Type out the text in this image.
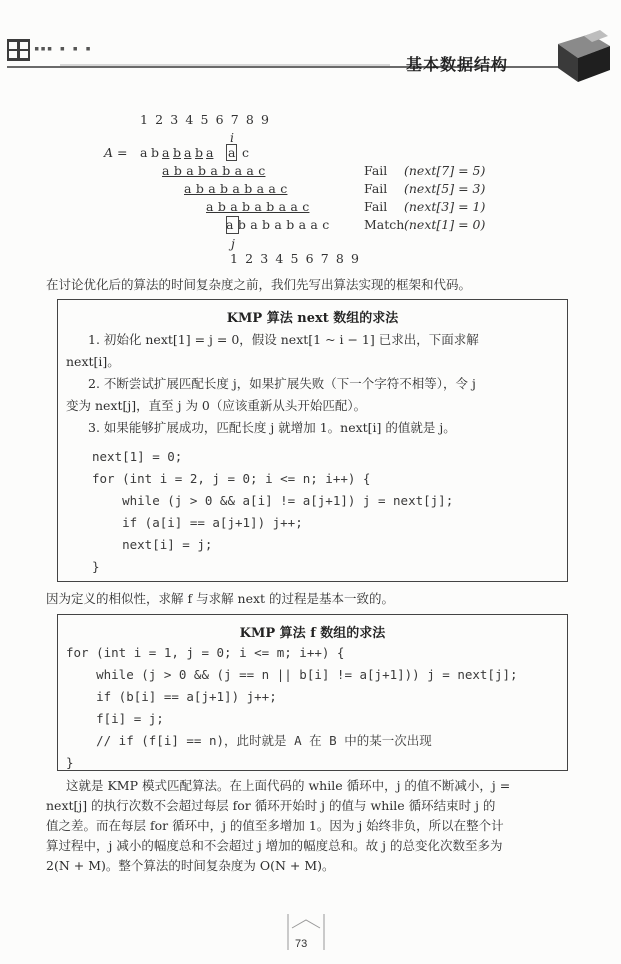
▪▪▪ ▪ ▪ ▪
基本数据结构
1 2 3 4 5 6 7 8 9
i
A = a b a b a b a a c
a b a b a b a a c	Fail (next[7] = 5)
a b a b a b a a c	Fail (next[5] = 3)
a b a b a b a a c	Fail (next[3] = 1)
a b a b a b a a c	Match (next[1] = 0)
j
1 2 3 4 5 6 7 8 9
在讨论优化后的算法的时间复杂度之前，我们先写出算法实现的框架和代码。
KMP 算法 next 数组的求法
1. 初始化 next[1] = j = 0，假设 next[1 ~ i − 1] 已求出，下面求解
next[i]。
2. 不断尝试扩展匹配长度 j，如果扩展失败（下一个字符不相等），令 j
变为 next[j]，直至 j 为 0（应该重新从头开始匹配）。
3. 如果能够扩展成功，匹配长度 j 就增加 1。next[i] 的值就是 j。
next[1] = 0;
for (int i = 2, j = 0; i <= n; i++) {
while (j > 0 && a[i] != a[j+1]) j = next[j];
if (a[i] == a[j+1]) j++;
next[i] = j;
}
因为定义的相似性，求解 f 与求解 next 的过程是基本一致的。
KMP 算法 f 数组的求法
for (int i = 1, j = 0; i <= m; i++) {
while (j > 0 && (j == n || b[i] != a[j+1])) j = next[j];
if (b[i] == a[j+1]) j++;
f[i] = j;
// if (f[i] == n)，此时就是 A 在 B 中的某一次出现
}
这就是 KMP 模式匹配算法。在上面代码的 while 循环中，j 的值不断减小，j =
next[j] 的执行次数不会超过每层 for 循环开始时 j 的值与 while 循环结束时 j 的
值之差。而在每层 for 循环中，j 的值至多增加 1。因为 j 始终非负，所以在整个计
算过程中，j 减小的幅度总和不会超过 j 增加的幅度总和。故 j 的总变化次数至多为
2(N + M)。整个算法的时间复杂度为 O(N + M)。
73
